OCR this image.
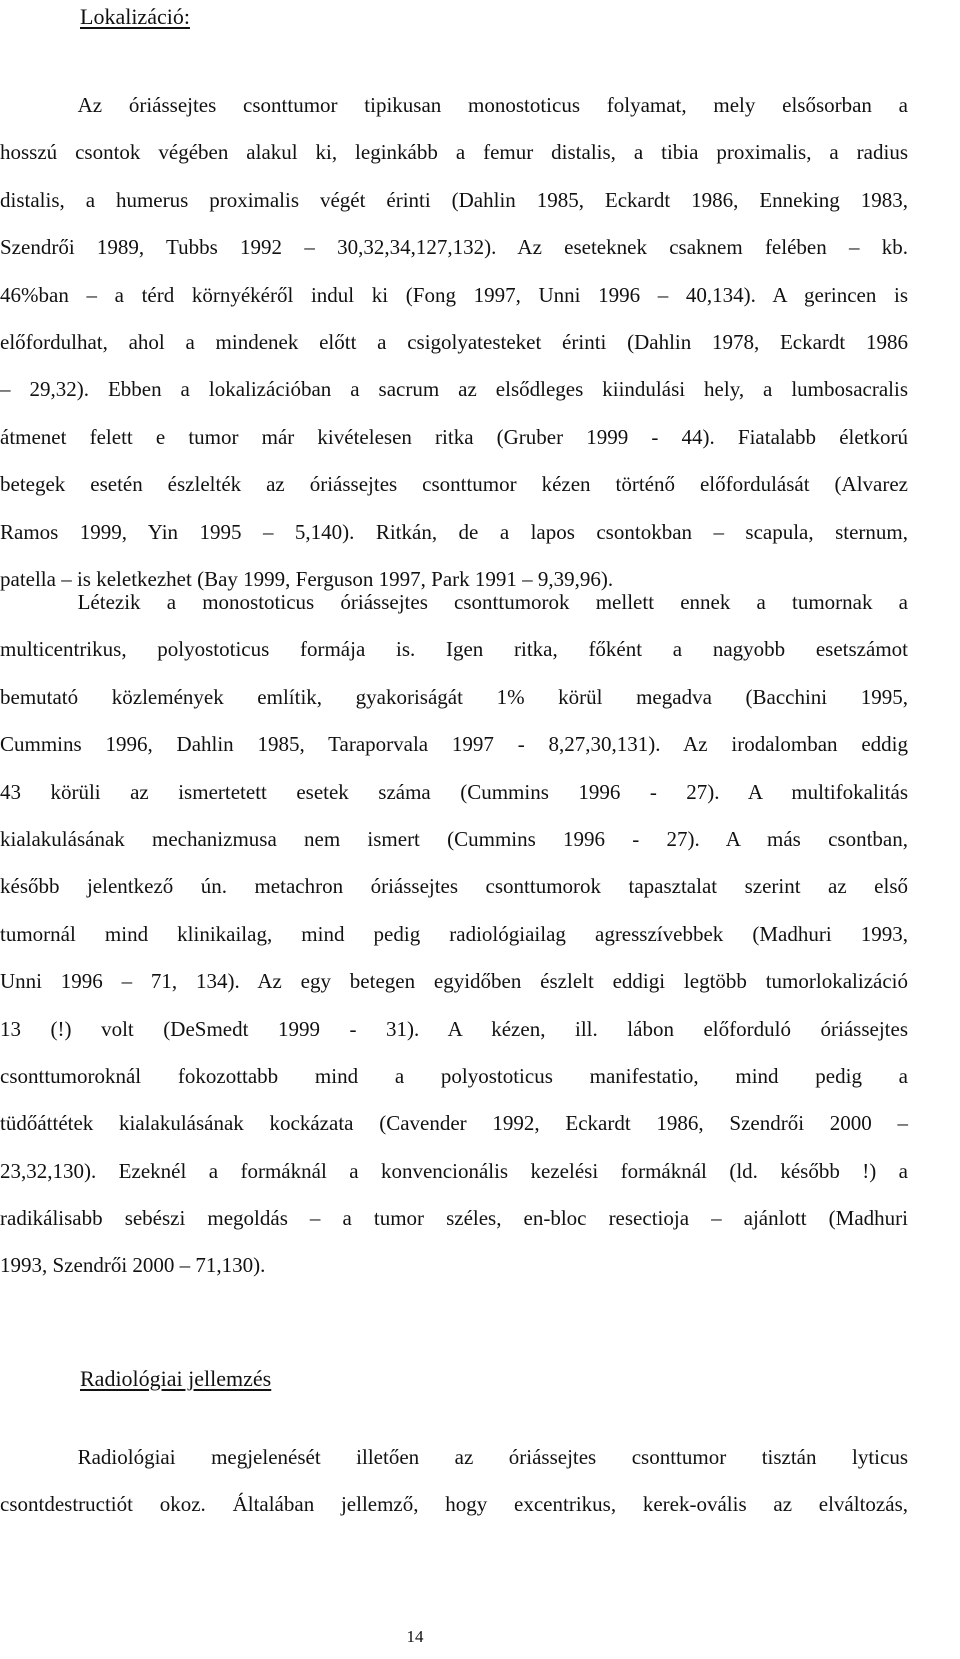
Lokalizáció:
Az óriássejtes csonttumor tipikusan monostoticus folyamat, mely elsősorban a
hosszú csontok végében alakul ki, leginkább a femur distalis, a tibia proximalis, a radius
distalis, a humerus proximalis végét érinti (Dahlin 1985, Eckardt 1986, Enneking 1983,
Szendrői 1989, Tubbs 1992 – 30,32,34,127,132). Az eseteknek csaknem felében – kb.
46%ban – a térd környékéről indul ki (Fong 1997, Unni 1996 – 40,134). A gerincen is
előfordulhat, ahol a mindenek előtt a csigolyatesteket érinti (Dahlin 1978, Eckardt 1986
– 29,32). Ebben a lokalizációban a sacrum az elsődleges kiindulási hely, a lumbosacralis
átmenet felett e tumor már kivételesen ritka (Gruber 1999 - 44). Fiatalabb életkorú
betegek esetén észlelték az óriássejtes csonttumor kézen történő előfordulását (Alvarez
Ramos 1999, Yin 1995 – 5,140). Ritkán, de a lapos csontokban – scapula, sternum,
patella – is keletkezhet (Bay 1999, Ferguson 1997, Park 1991 – 9,39,96).
Létezik a monostoticus óriássejtes csonttumorok mellett ennek a tumornak a
multicentrikus, polyostoticus formája is. Igen ritka, főként a nagyobb esetszámot
bemutató közlemények említik, gyakoriságát 1% körül megadva (Bacchini 1995,
Cummins 1996, Dahlin 1985, Taraporvala 1997 - 8,27,30,131). Az irodalomban eddig
43 körüli az ismertetett esetek száma (Cummins 1996 - 27). A multifokalitás
kialakulásának mechanizmusa nem ismert (Cummins 1996 - 27). A más csontban,
később jelentkező ún. metachron óriássejtes csonttumorok tapasztalat szerint az első
tumornál mind klinikailag, mind pedig radiológiailag agresszívebbek (Madhuri 1993,
Unni 1996 – 71, 134). Az egy betegen egyidőben észlelt eddigi legtöbb tumorlokalizáció
13 (!) volt (DeSmedt 1999 - 31). A kézen, ill. lábon előforduló óriássejtes
csonttumoroknál fokozottabb mind a polyostoticus manifestatio, mind pedig a
tüdőáttétek kialakulásának kockázata (Cavender 1992, Eckardt 1986, Szendrői 2000 –
23,32,130). Ezeknél a formáknál a konvencionális kezelési formáknál (ld. később !) a
radikálisabb sebészi megoldás – a tumor széles, en-bloc resectioja – ajánlott (Madhuri
1993, Szendrői 2000 – 71,130).
Radiológiai jellemzés
Radiológiai megjelenését illetően az óriássejtes csonttumor tisztán lyticus
csontdestructiót okoz. Általában jellemző, hogy excentrikus, kerek-ovális az elváltozás,
14
